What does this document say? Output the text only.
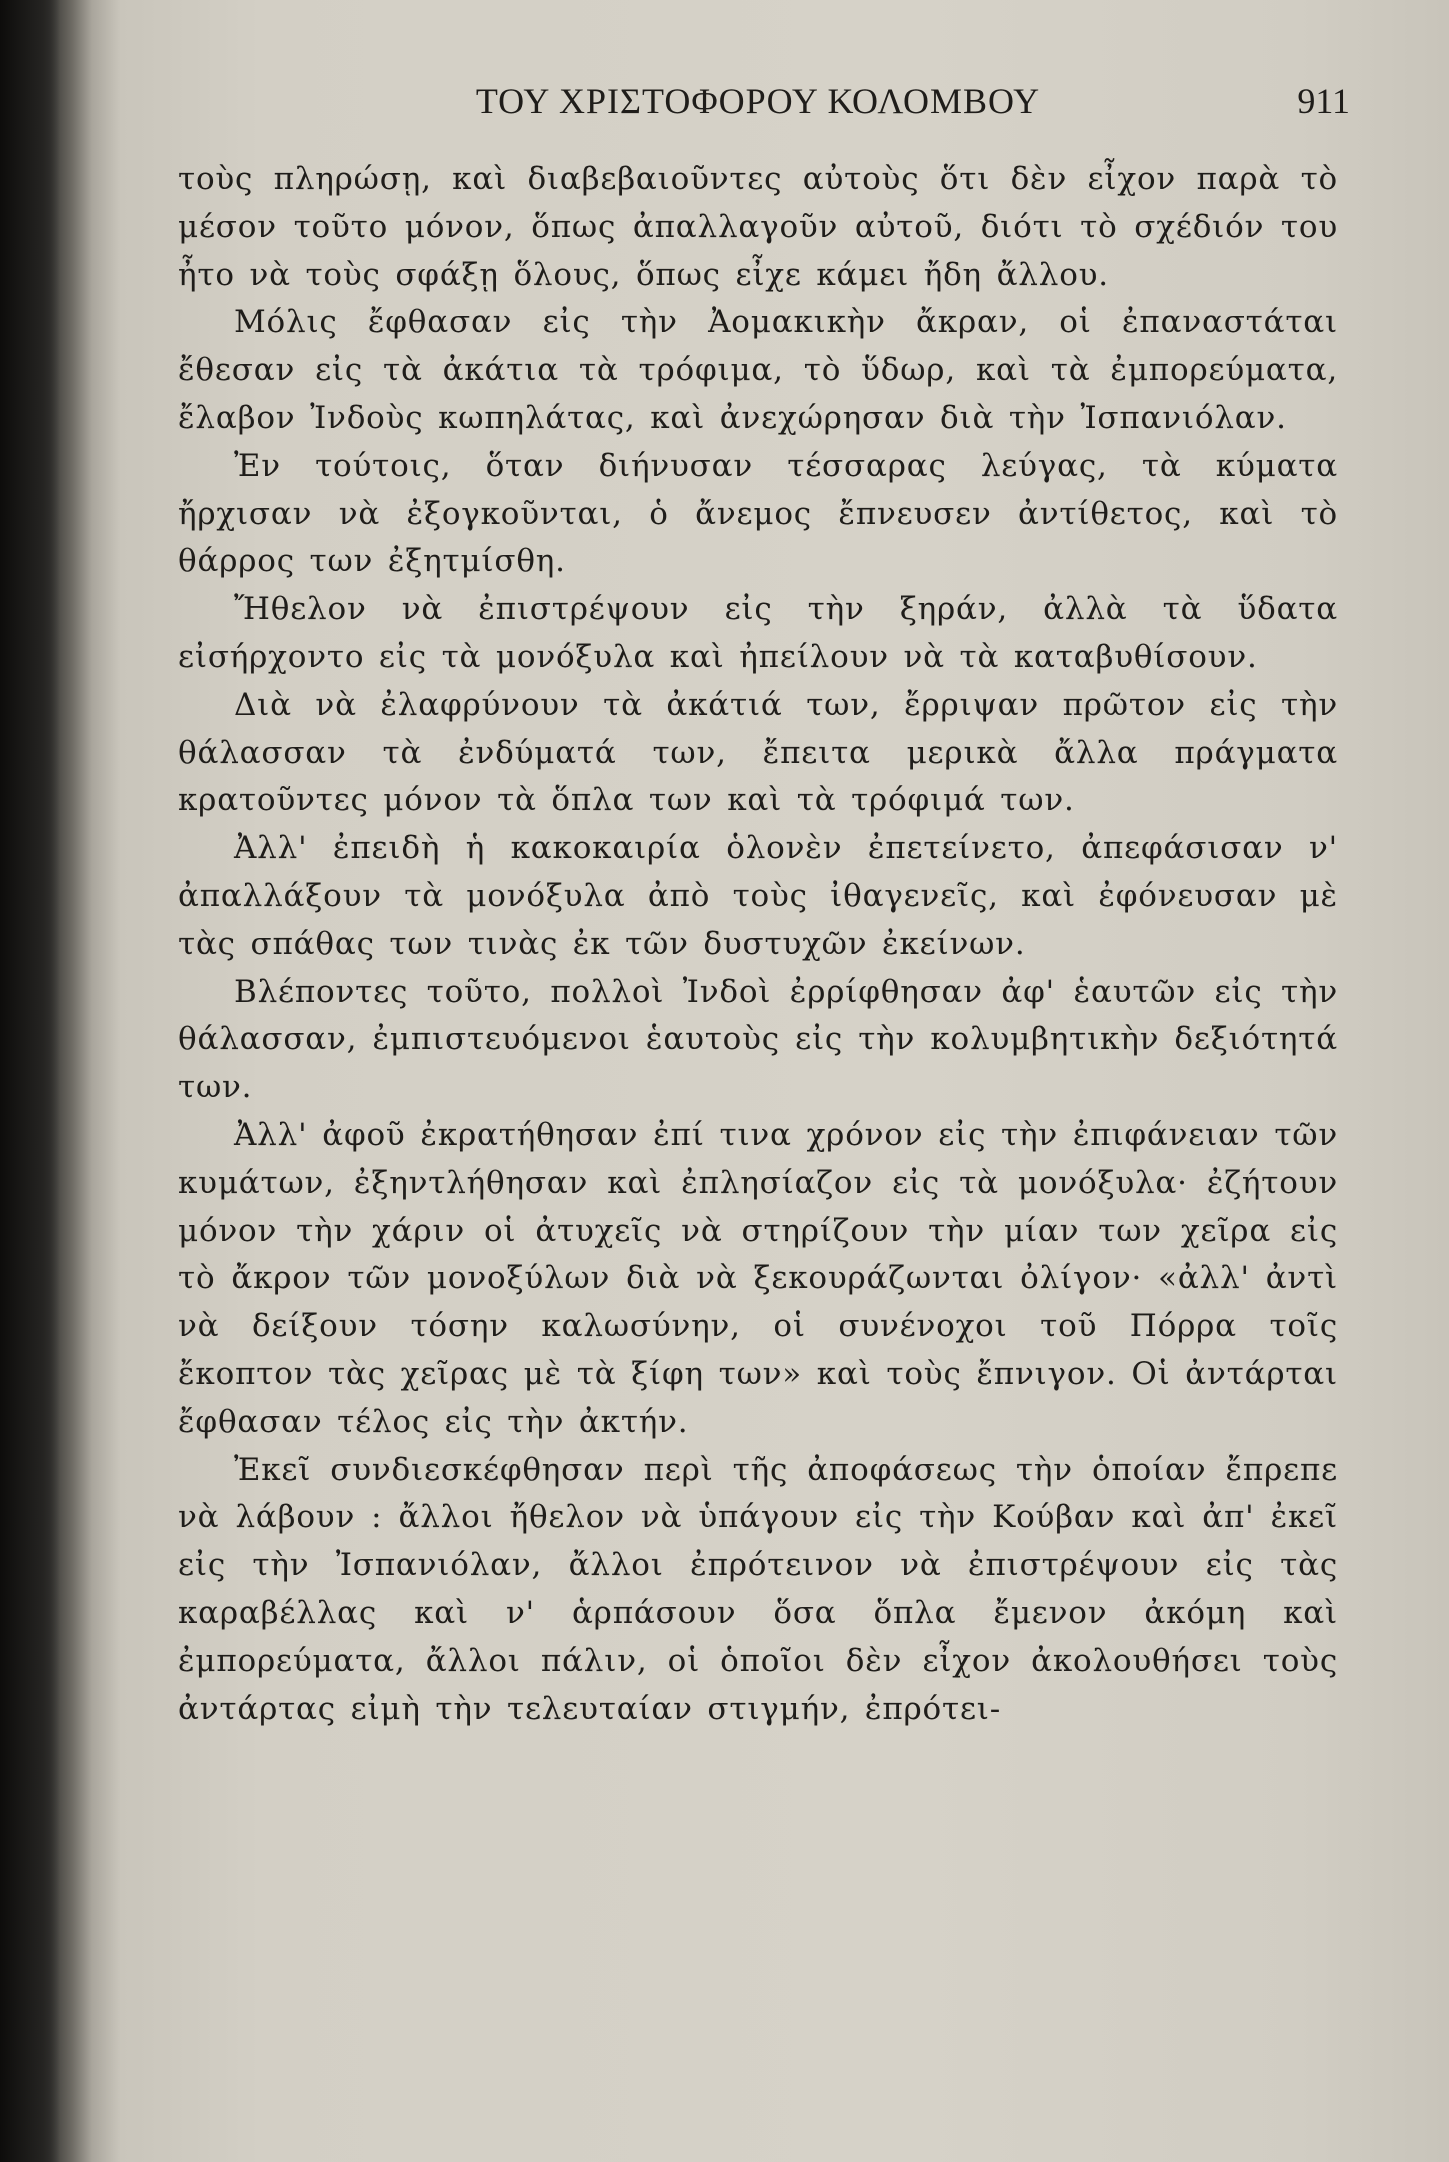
ΤΟΥ ΧΡΙΣΤΟΦΟΡΟΥ ΚΟΛΟΜΒΟΥ	911

τοὺς πληρώσῃ, καὶ διαβεβαιοῦντες αὐτοὺς ὅτι δὲν εἶχον παρὰ τὸ μέσον τοῦτο μόνον, ὅπως ἀπαλλαγοῦν αὐτοῦ, διότι τὸ σχέδιόν του ἦτο νὰ τοὺς σφάξῃ ὅλους, ὅπως εἶχε κάμει ἤδη ἄλλου.

Μόλις ἔφθασαν εἰς τὴν Ἀομακικὴν ἄκραν, οἱ ἐπαναστάται ἔθεσαν εἰς τὰ ἀκάτια τὰ τρόφιμα, τὸ ὕδωρ, καὶ τὰ ἐμπορεύματα, ἔλαβον Ἰνδοὺς κωπηλάτας, καὶ ἀνεχώρησαν διὰ τὴν Ἰσπανιόλαν.

Ἐν τούτοις, ὅταν διήνυσαν τέσσαρας λεύγας, τὰ κύματα ἤρχισαν νὰ ἐξογκοῦνται, ὁ ἄνεμος ἔπνευσεν ἀντίθετος, καὶ τὸ θάρρος των ἐξητμίσθη.

Ἤθελον νὰ ἐπιστρέψουν εἰς τὴν ξηράν, ἀλλὰ τὰ ὕδατα εἰσήρχοντο εἰς τὰ μονόξυλα καὶ ἠπείλουν νὰ τὰ καταβυθίσουν.

Διὰ νὰ ἐλαφρύνουν τὰ ἀκάτιά των, ἔρριψαν πρῶτον εἰς τὴν θάλασσαν τὰ ἐνδύματά των, ἔπειτα μερικὰ ἄλλα πράγματα κρατοῦντες μόνον τὰ ὅπλα των καὶ τὰ τρόφιμά των.

Ἀλλ' ἐπειδὴ ἡ κακοκαιρία ὁλονὲν ἐπετείνετο, ἀπεφάσισαν ν' ἀπαλλάξουν τὰ μονόξυλα ἀπὸ τοὺς ἰθαγενεῖς, καὶ ἐφόνευσαν μὲ τὰς σπάθας των τινὰς ἐκ τῶν δυστυχῶν ἐκείνων.

Βλέποντες τοῦτο, πολλοὶ Ἰνδοὶ ἐρρίφθησαν ἀφ' ἑαυτῶν εἰς τὴν θάλασσαν, ἐμπιστευόμενοι ἑαυτοὺς εἰς τὴν κολυμβητικὴν δεξιότητά των.

Ἀλλ' ἀφοῦ ἐκρατήθησαν ἐπί τινα χρόνον εἰς τὴν ἐπιφάνειαν τῶν κυμάτων, ἐξηντλήθησαν καὶ ἐπλησίαζον εἰς τὰ μονόξυλα· ἐζήτουν μόνον τὴν χάριν οἱ ἀτυχεῖς νὰ στηρίζουν τὴν μίαν των χεῖρα εἰς τὸ ἄκρον τῶν μονοξύλων διὰ νὰ ξεκουράζωνται ὀλίγον· «ἀλλ' ἀντὶ νὰ δείξουν τόσην καλωσύνην, οἱ συνένοχοι τοῦ Πόρρα τοῖς ἔκοπτον τὰς χεῖρας μὲ τὰ ξίφη των» καὶ τοὺς ἔπνιγον. Οἱ ἀντάρται ἔφθασαν τέλος εἰς τὴν ἀκτήν.

Ἐκεῖ συνδιεσκέφθησαν περὶ τῆς ἀποφάσεως τὴν ὁποίαν ἔπρεπε νὰ λάβουν : ἄλλοι ἤθελον νὰ ὑπάγουν εἰς τὴν Κούβαν καὶ ἀπ' ἐκεῖ εἰς τὴν Ἰσπανιόλαν, ἄλλοι ἐπρότεινον νὰ ἐπιστρέψουν εἰς τὰς καραβέλλας καὶ ν' ἁρπάσουν ὅσα ὅπλα ἔμενον ἀκόμη καὶ ἐμπορεύματα, ἄλλοι πάλιν, οἱ ὁποῖοι δὲν εἶχον ἀκολουθήσει τοὺς ἀντάρτας εἰμὴ τὴν τελευταίαν στιγμήν, ἐπρότει-
